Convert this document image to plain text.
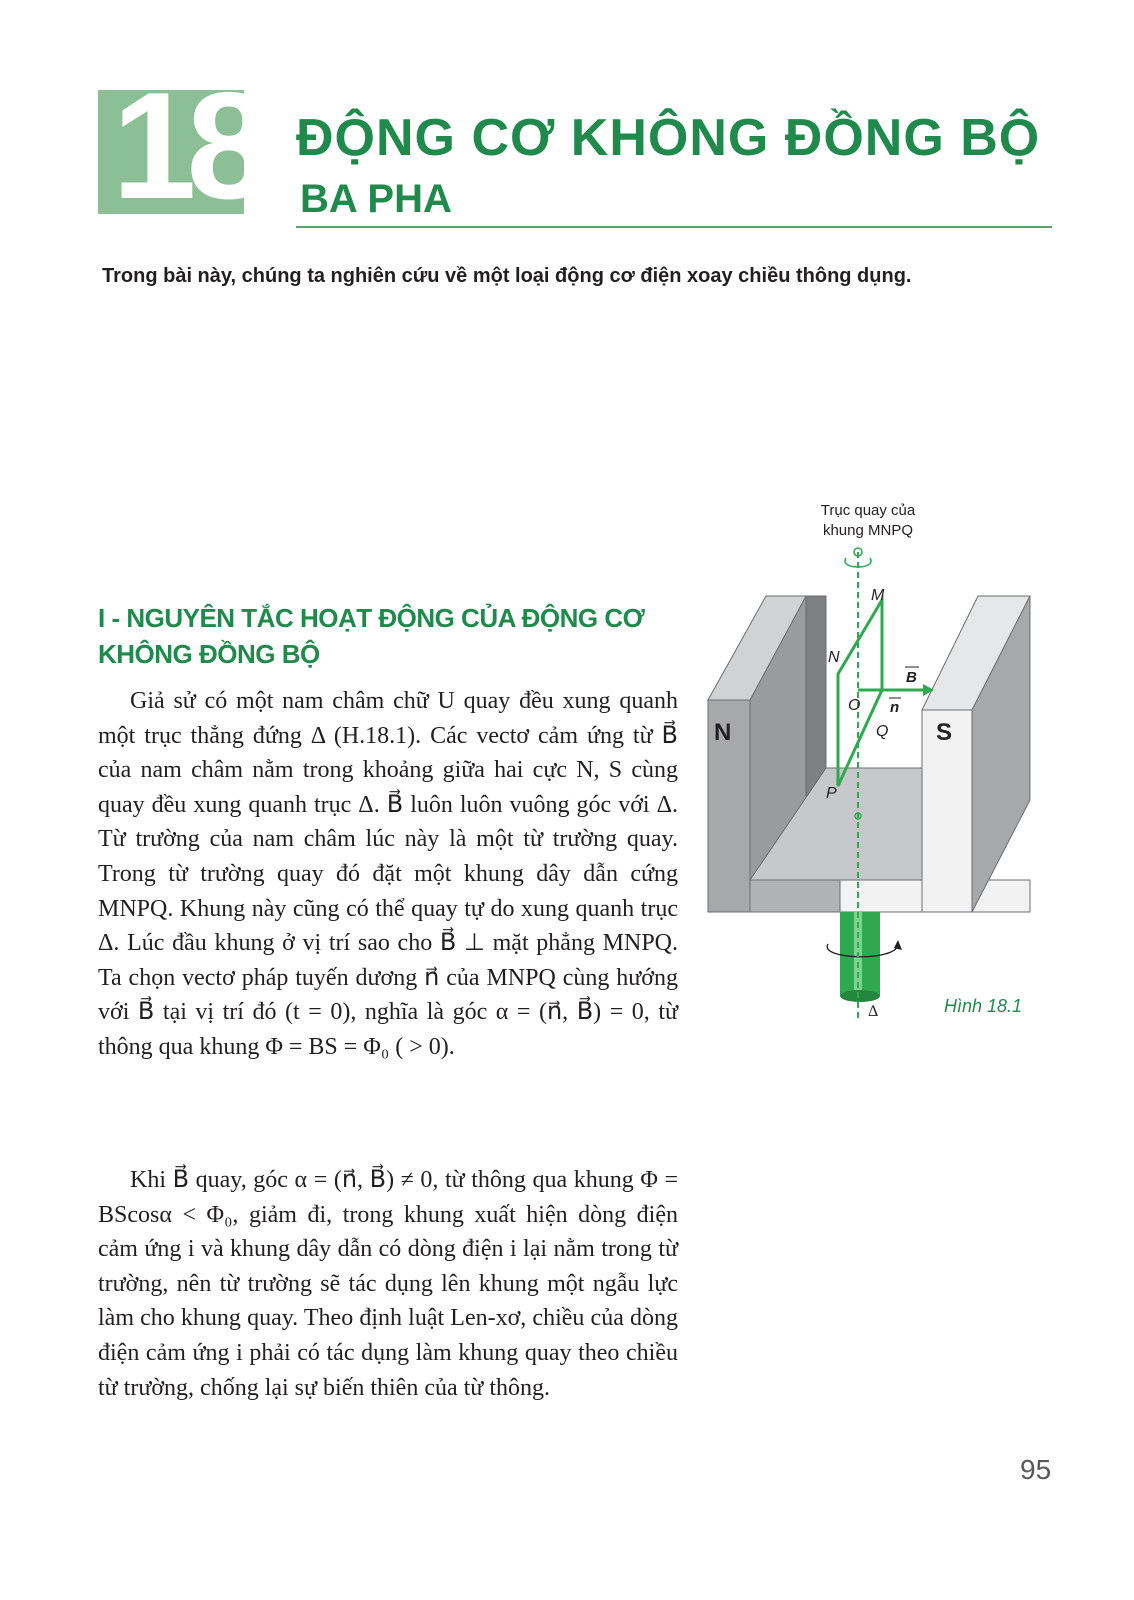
18 ĐỘNG CƠ KHÔNG ĐỒNG BỘ
BA PHA
Trong bài này, chúng ta nghiên cứu về một loại động cơ điện xoay chiều thông dụng.
I - NGUYÊN TẮC HOẠT ĐỘNG CỦA ĐỘNG CƠ
KHÔNG ĐỒNG BỘ

Giả sử có một nam châm chữ U quay đều xung quanh một trục thẳng đứng Δ (H.18.1). Các vectơ cảm ứng từ B⃗ của nam châm nằm trong khoảng giữa hai cực N, S cùng quay đều xung quanh trục Δ. B⃗ luôn luôn vuông góc với Δ. Từ trường của nam châm lúc này là một từ trường quay. Trong từ trường quay đó đặt một khung dây dẫn cứng MNPQ. Khung này cũng có thể quay tự do xung quanh trục Δ. Lúc đầu khung ở vị trí sao cho B⃗ ⊥ mặt phẳng MNPQ. Ta chọn vectơ pháp tuyến dương n⃗ của MNPQ cùng hướng với B⃗ tại vị trí đó (t = 0), nghĩa là góc α = (n⃗, B⃗) = 0, từ thông qua khung Φ = BS = Φ₀ ( > 0).

Khi B⃗ quay, góc α = (n⃗, B⃗) ≠ 0, từ thông qua khung Φ = BScosα < Φ₀, giảm đi, trong khung xuất hiện dòng điện cảm ứng i và khung dây dẫn có dòng điện i lại nằm trong từ trường, nên từ trường sẽ tác dụng lên khung một ngẫu lực làm cho khung quay. Theo định luật Len-xơ, chiều của dòng điện cảm ứng i phải có tác dụng làm khung quay theo chiều từ trường, chống lại sự biến thiên của từ thông.

Trục quay của
khung MNPQ
N	S
Δ
M
N
O
Q
P
B
n
Hình 18.1
95
